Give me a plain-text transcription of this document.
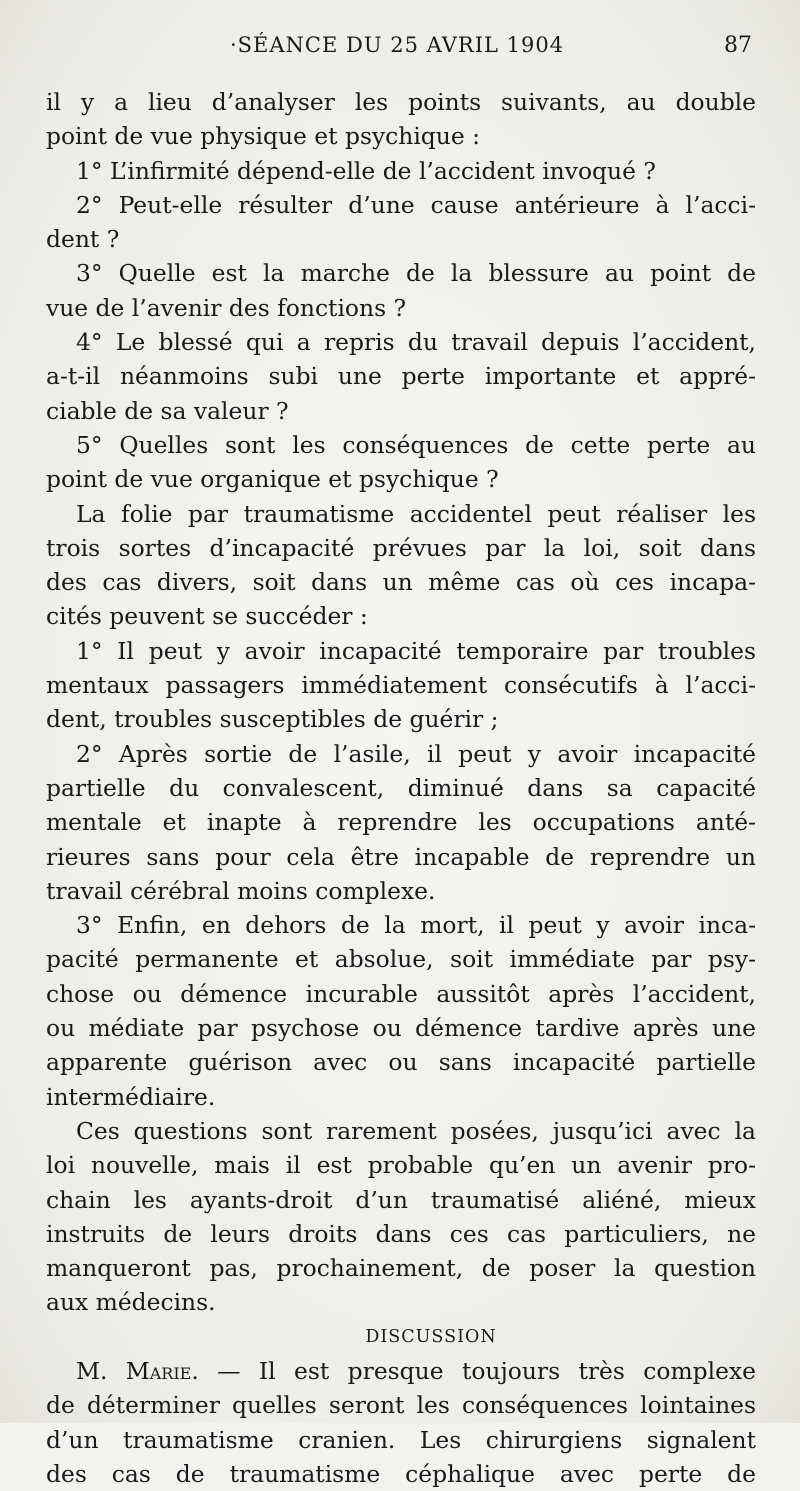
·SÉANCE DU 25 AVRIL 1904	87
il y a lieu d’analyser les points suivants, au double
point de vue physique et psychique :
1° L’infirmité dépend-elle de l’accident invoqué ?
2° Peut-elle résulter d’une cause antérieure à l’acci-
dent ?
3° Quelle est la marche de la blessure au point de
vue de l’avenir des fonctions ?
4° Le blessé qui a repris du travail depuis l’accident,
a-t-il néanmoins subi une perte importante et appré-
ciable de sa valeur ?
5° Quelles sont les conséquences de cette perte au
point de vue organique et psychique ?
La folie par traumatisme accidentel peut réaliser les
trois sortes d’incapacité prévues par la loi, soit dans
des cas divers, soit dans un même cas où ces incapa-
cités peuvent se succéder :
1° Il peut y avoir incapacité temporaire par troubles
mentaux passagers immédiatement consécutifs à l’acci-
dent, troubles susceptibles de guérir ;
2° Après sortie de l’asile, il peut y avoir incapacité
partielle du convalescent, diminué dans sa capacité
mentale et inapte à reprendre les occupations anté-
rieures sans pour cela être incapable de reprendre un
travail cérébral moins complexe.
3° Enfin, en dehors de la mort, il peut y avoir inca-
pacité permanente et absolue, soit immédiate par psy-
chose ou démence incurable aussitôt après l’accident,
ou médiate par psychose ou démence tardive après une
apparente guérison avec ou sans incapacité partielle
intermédiaire.
Ces questions sont rarement posées, jusqu’ici avec la
loi nouvelle, mais il est probable qu’en un avenir pro-
chain les ayants-droit d’un traumatisé aliéné, mieux
instruits de leurs droits dans ces cas particuliers, ne
manqueront pas, prochainement, de poser la question
aux médecins.
DISCUSSION
M. Marie. — Il est presque toujours très complexe
de déterminer quelles seront les conséquences lointaines
d’un traumatisme cranien. Les chirurgiens signalent
des cas de traumatisme céphalique avec perte de
